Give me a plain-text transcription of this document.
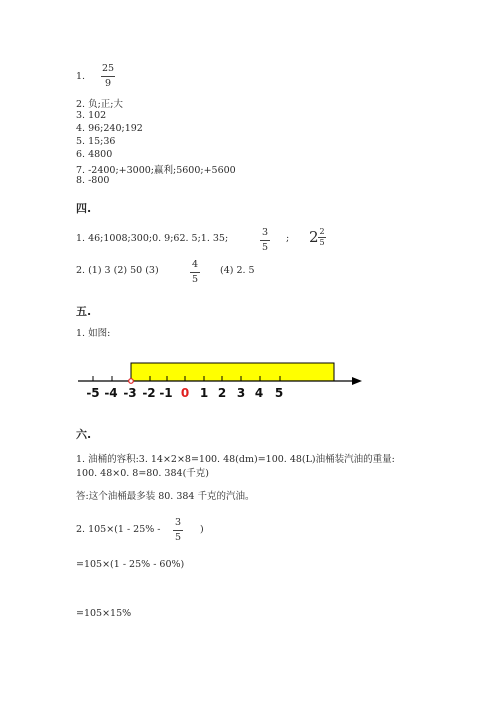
1.
25
9
2. 负;正;大
3. 102
4. 96;240;192
5. 15;36
6. 4800
7. -2400;+3000;赢利;5600;+5600
8. -800
四.
1. 46;1008;300;0. 9;62. 5;1. 35;
3
5
; 2 2
5
2. (1) 3 (2) 50 (3)
4
5
(4) 2. 5
五.
1. 如图:
-5 -4 -3 -2 -1 0 1 2 3 4 5
六.
1. 油桶的容积:3. 14×2×8=100. 48(dm)=100. 48(L)油桶装汽油的重量:
100. 48×0. 8=80. 384(千克)
答:这个油桶最多装 80. 384 千克的汽油。
2. 105×(1 - 25% -
3
5
)
=105×(1 - 25% - 60%)
=105×15%
